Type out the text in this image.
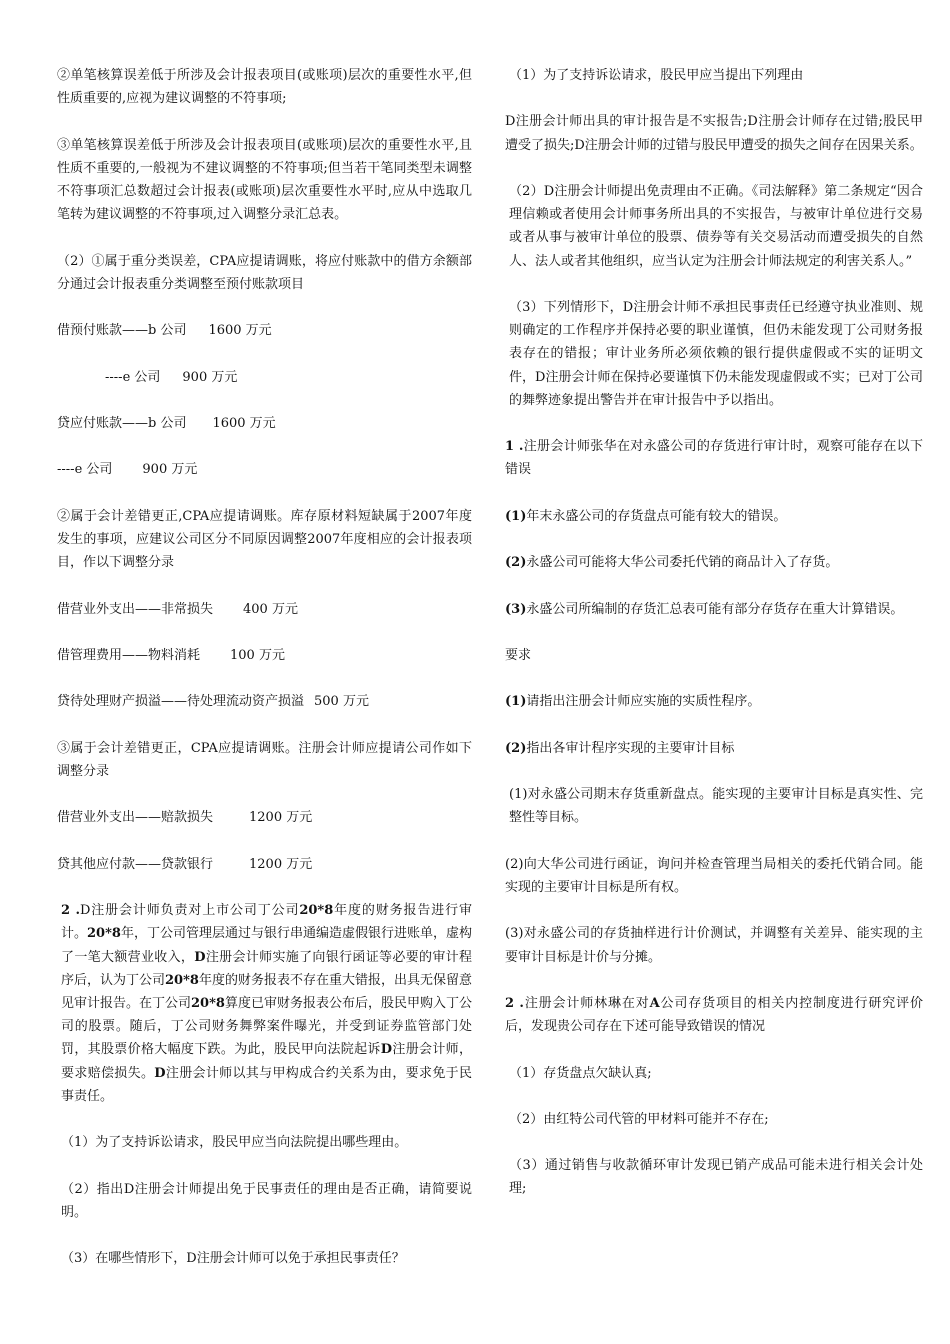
②单笔核算误差低于所涉及会计报表项目(或账项)层次的重要性水平,但性质重要的,应视为建议调整的不符事项;

③单笔核算误差低于所涉及会计报表项目(或账项)层次的重要性水平,且性质不重要的,一般视为不建议调整的不符事项;但当若干笔同类型未调整不符事项汇总数超过会计报表(或账项)层次重要性水平时,应从中选取几笔转为建议调整的不符事项,过入调整分录汇总表。

（2）①属于重分类误差，CPA应提请调账，将应付账款中的借方余额部分通过会计报表重分类调整至预付账款项目

借预付账款——b 公司 1600 万元

----e 公司 900 万元

贷应付账款——b 公司 1600 万元

----e 公司 900 万元

②属于会计差错更正,CPA应提请调账。库存原材料短缺属于2007年度发生的事项，应建议公司区分不同原因调整2007年度相应的会计报表项目，作以下调整分录

借营业外支出——非常损失 400 万元

借管理费用——物料消耗 100 万元

贷待处理财产损溢——待处理流动资产损溢 500 万元

③属于会计差错更正，CPA应提请调账。注册会计师应提请公司作如下调整分录

借营业外支出——赔款损失	1200 万元

贷其他应付款——贷款银行	1200 万元

2 .D注册会计师负责对上市公司丁公司20*8年度的财务报告进行审计。20*8年，丁公司管理层通过与银行串通编造虚假银行进账单，虚构了一笔大额营业收入，D注册会计师实施了向银行函证等必要的审计程序后，认为丁公司20*8年度的财务报表不存在重大错报，出具无保留意见审计报告。在丁公司20*8算度已审财务报表公布后，股民甲购入丁公司的股票。随后，丁公司财务舞弊案件曝光，并受到证券监管部门处罚，其股票价格大幅度下跌。为此，股民甲向法院起诉D注册会计师，要求赔偿损失。D注册会计师以其与甲构成合约关系为由，要求免于民事责任。

（1）为了支持诉讼请求，股民甲应当向法院提出哪些理由。

（2）指出D注册会计师提出免于民事责任的理由是否正确，请简要说明。

（3）在哪些情形下，D注册会计师可以免于承担民事责任？

（1）为了支持诉讼请求，股民甲应当提出下列理由

D注册会计师出具的审计报告是不实报告;D注册会计师存在过错;股民甲遭受了损失;D注册会计师的过错与股民甲遭受的损失之间存在因果关系。

（2）D注册会计师提出免责理由不正确。《司法解释》第二条规定“因合理信赖或者使用会计师事务所出具的不实报告，与被审计单位进行交易或者从事与被审计单位的股票、债券等有关交易活动而遭受损失的自然人、法人或者其他组织，应当认定为注册会计师法规定的利害关系人。”

（3）下列情形下，D注册会计师不承担民事责任已经遵守执业准则、规则确定的工作程序并保持必要的职业谨慎，但仍未能发现丁公司财务报表存在的错报；审计业务所必须依赖的银行提供虚假或不实的证明文件，D注册会计师在保持必要谨慎下仍未能发现虚假或不实；已对丁公司的舞弊迹象提出警告并在审计报告中予以指出。

1 .注册会计师张华在对永盛公司的存货进行审计时，观察可能存在以下错误

(1)年末永盛公司的存货盘点可能有较大的错误。

(2)永盛公司可能将大华公司委托代销的商品计入了存货。

(3)永盛公司所编制的存货汇总表可能有部分存货存在重大计算错误。

要求

(1)请指出注册会计师应实施的实质性程序。

(2)指出各审计程序实现的主要审计目标

(1)对永盛公司期末存货重新盘点。能实现的主要审计目标是真实性、完整性等目标。

(2)向大华公司进行函证，询问并检查管理当局相关的委托代销合同。能实现的主要审计目标是所有权。

(3)对永盛公司的存货抽样进行计价测试，并调整有关差异、能实现的主要审计目标是计价与分摊。

2 .注册会计师林琳在对A公司存货项目的相关内控制度进行研究评价后，发现贵公司存在下述可能导致错误的情况

（1）存货盘点欠缺认真;

（2）由红特公司代管的甲材料可能并不存在;

（3）通过销售与收款循环审计发现已销产成品可能未进行相关会计处理;
